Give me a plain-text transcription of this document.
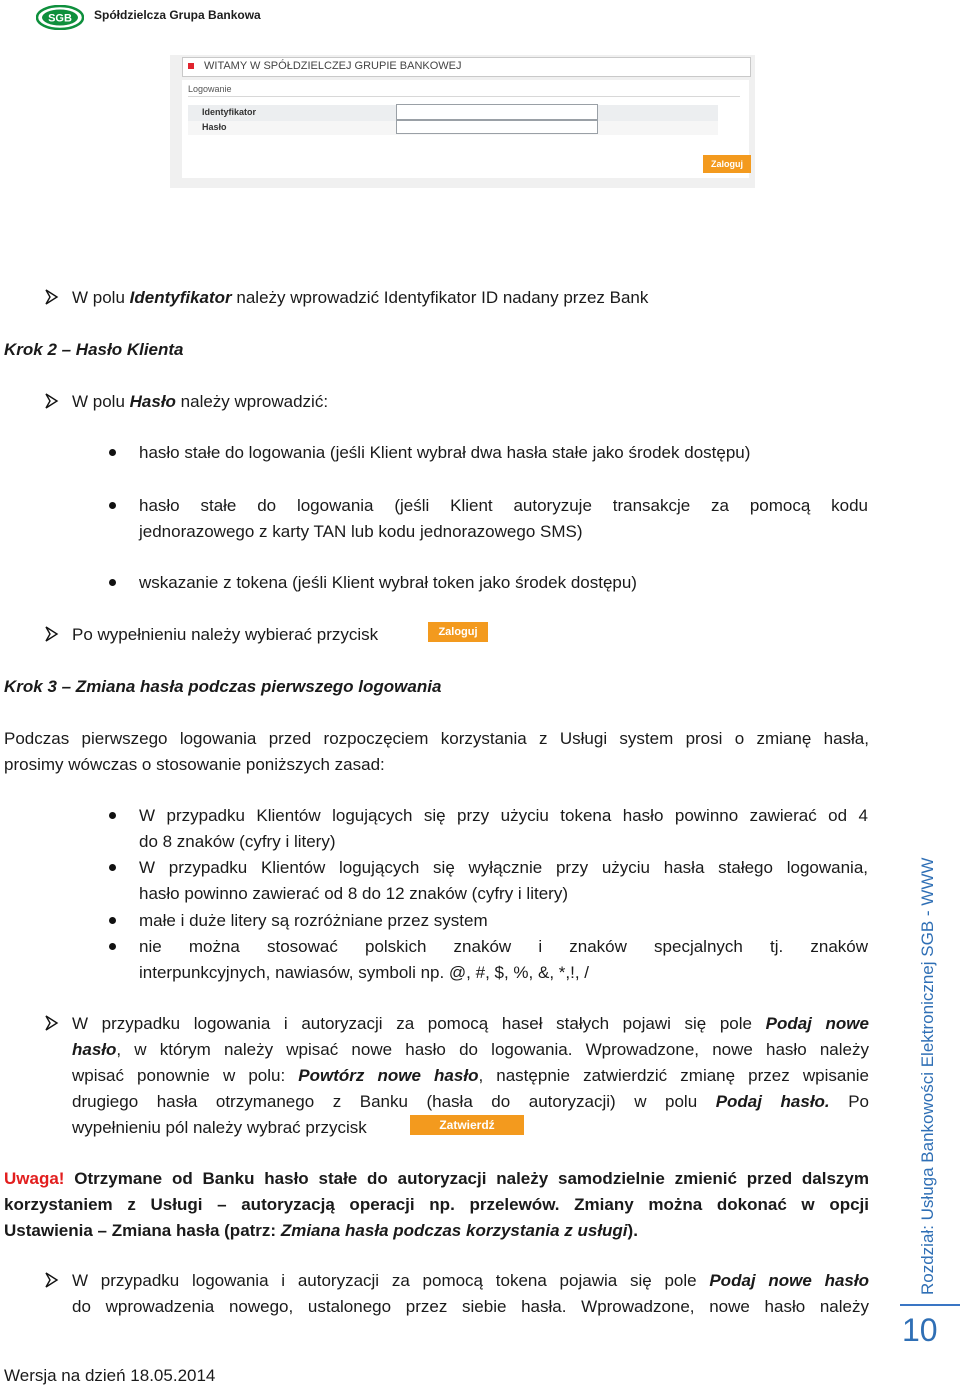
SGB Spółdzielcza Grupa Bankowa
WITAMY W SPÓŁDZIELCZEJ GRUPIE BANKOWEJ
Logowanie
Identyfikator
Hasło
Zaloguj
W polu Identyfikator należy wprowadzić Identyfikator ID nadany przez Bank
Krok 2 – Hasło Klienta
W polu Hasło należy wprowadzić:
hasło stałe do logowania (jeśli Klient wybrał dwa hasła stałe jako środek dostępu)
hasło stałe do logowania (jeśli Klient autoryzuje transakcje za pomocą kodu
jednorazowego z karty TAN lub kodu jednorazowego SMS)
wskazanie z tokena (jeśli Klient wybrał token jako środek dostępu)
Po wypełnieniu należy wybierać przycisk	Zaloguj
Krok 3 – Zmiana hasła podczas pierwszego logowania
Podczas pierwszego logowania przed rozpoczęciem korzystania z Usługi system prosi o zmianę hasła,
prosimy wówczas o stosowanie poniższych zasad:
W przypadku Klientów logujących się przy użyciu tokena hasło powinno zawierać od 4
do 8 znaków (cyfry i litery)
W przypadku Klientów logujących się wyłącznie przy użyciu hasła stałego logowania,
hasło powinno zawierać od 8 do 12 znaków (cyfry i litery)
małe i duże litery są rozróżniane przez system
nie można stosować polskich znaków i znaków specjalnych tj. znaków
interpunkcyjnych, nawiasów, symboli np. @, #, $, %, &, *,!, /
W przypadku logowania i autoryzacji za pomocą haseł stałych pojawi się pole Podaj nowe
hasło, w którym należy wpisać nowe hasło do logowania. Wprowadzone, nowe hasło należy
wpisać ponownie w polu: Powtórz nowe hasło, następnie zatwierdzić zmianę przez wpisanie
drugiego hasła otrzymanego z Banku (hasła do autoryzacji) w polu Podaj hasło. Po
wypełnieniu pól należy wybrać przycisk	Zatwierdź
Uwaga! Otrzymane od Banku hasło stałe do autoryzacji należy samodzielnie zmienić przed dalszym
korzystaniem z Usługi – autoryzacją operacji np. przelewów. Zmiany można dokonać w opcji
Ustawienia – Zmiana hasła (patrz: Zmiana hasła podczas korzystania z usługi).
W przypadku logowania i autoryzacji za pomocą tokena pojawia się pole Podaj nowe hasło
do wprowadzenia nowego, ustalonego przez siebie hasła. Wprowadzone, nowe hasło należy
Rozdział: Usługa Bankowości Elektronicznej SGB - WWW
10
Wersja na dzień 18.05.2014
